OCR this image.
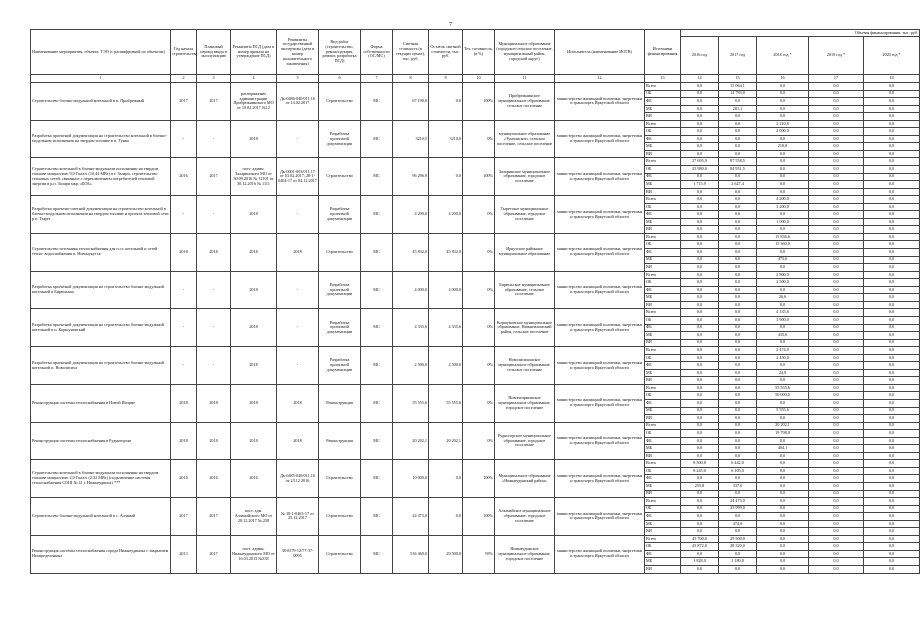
7
Наименование мероприятия, объекта, ТЭО (с расшифровкой по объектам)	Год начала строительства	Плановый период ввода в эксплуатацию	Реквизиты ПСД (дата и номер приказа на утверждение ПСД)	Реквизиты государственной экспертизы (дата и номер положительного заключения)	Вид работ (строительство, реконструкция, ремонт, разработка ПСД)	Форма собственности (ОС/МС)	Сметная стоимость (в текущих ценах), тыс. руб.	Остаток сметной стоимости, тыс. руб.	Тех. готовность, (в %)	Муниципальное образование (городское/сельское поселение, муниципальный район, городской округ)	Исполнитель (наименование ИОГВ)	Источники финансирования	Объемы финансирования, тыс. руб.				
													2016 год	2017 год	2018 год *	2019 год *	2020 год *
1	2	3	4	5	6	7	8	9	10	11	12	13	14	15	16	17	18
Строительство блочно-модульной котельной в п. Прибрежный	2017	2017	распоряжение администрации Прибрежнинского МО от 10.02.2017 №12	Дк-0486-040/011.16 от 14.02.2017	Строительство	МС	67 190,0	0,0	100%	Прибрежнинское муниципальное образование, сельское поселение	министерство жилищной политики, энергетики и транспорта Иркутской области	Всего	0,0	15 064,1	0,0	0,0	0,0
												ОБ	0,0	14 783,0	0,0	0,0	0,0
												ФБ	0,0	0,0	0,0	0,0	0,0
												МБ	0,0	281,1	0,0	0,0	0,0
												ВИ	0,0	0,0	0,0	0,0	0,0
Разработка проектной документации на строительство котельной в блочно-модульном исполнении на твердом топливе в п. Тунка	-	-	2018	-	Разработка проектной документации	МС	3210,5	3210,0	0%	муниципальное образование «Тунгинское» сельское поселение, сельское поселение	министерство жилищной политики, энергетики и транспорта Иркутской области	Всего	0,0	0,0	2 210,8	0,0	0,0
												ОБ	0,0	0,0	2 000,0	0,0	0,0
												ФБ	0,0	0,0	0,0	0,0	0,0
												МБ	0,0	0,0	210,8	0,0	0,0
												ВИ	0,0	0,0	0,0	0,0	0,0
Строительство котельной в блочно-модульном исполнении на твердом топливе мощностью 9,0 Гкал/ч (10,44 МВт) в г. Залари, строительство тепловых сетей, связанное с переключением потребителей тепловой энергии в р.п. Залари мкр. «БОБ»	2016	2017	пост. админ. Заларинского МО от 30.09.2016 № 31101 от 30.12.2016 № 1111	Дк-0001-003/011.17 от 03.02.2017; 28-1-0404-17 от 04.12.2017	Строительство	МС	96 296,9	0,0	100%	Заларинское муниципальное образование, городское поселение	министерство жилищной политики, энергетики и транспорта Иркутской области	Всего	27 695,9	87 558,5	0,0	0,0	0,0
												ОБ	25 980,0	84 951,5	0,0	0,0	0,0
												ФБ	0,0	0,0	0,0	0,0	0,0
												МБ	1 715,9	2 627,4	0,0	0,0	0,0
												ВИ	0,0	0,0	0,0	0,0	0,0
Разработка проектно-сметной документации на строительство котельной в блочно-модульном исполнении на твердом топливе и проекта тепловой сети р.п. Тырет	-	-	2018	-	Разработка проектной документации	МС	4 200,0	4 200,0	0%	Тыретское муниципальное образование, городское поселение	министерство жилищной политики, энергетики и транспорта Иркутской области	Всего	0,0	0,0	4 200,0	0,0	0,0
												ОБ	0,0	0,0	3 200,0	0,0	0,0
												ФБ	0,0	0,0	0,0	0,0	0,0
												МБ	0,0	0,0	1 000,0	0,0	0,0
												ВИ	0,0	0,0	0,0	0,0	0,0
Строительство источника теплоснабжения для п.ст. котельной и сетей тепло- водоснабжения п. Новонукутск	2018	2018	2018	2018	Строительство	МС	45 832,0	45 832,0	0%	Иркутское районное муниципальное образование	министерство жилищной политики, энергетики и транспорта Иркутской области	Всего	0,0	0,0	15 836,6	0,0	0,0
												ОБ	0,0	0,0	15 360,0	0,0	0,0
												ФБ	0,0	0,0	0,0	0,0	0,0
												МБ	0,0	0,0	475,6	0,0	0,0
												ВИ	0,0	0,0	0,0	0,0	0,0
Разработка проектной документации на строительство блочно-модульной котельной в Бирюльках	-	-	2018	-	Разработка проектной документации	МС	4 000,0	4 000,0	0%	Бирюльское муниципальное образование, сельское поселение	министерство жилищной политики, энергетики и транспорта Иркутской области	Всего	0,0	0,0	2 800,0	0,0	0,0
												ОБ	0,0	0,0	2 500,0	0,0	0,0
												ФБ	0,0	0,0	0,0	0,0	0,0
												МБ	0,0	0,0	26,6	0,0	0,0
												ВИ	0,0	0,0	0,0	0,0	0,0
Разработка проектной документации на строительство блочно-модульной котельной в п. Коршуновский	-	-	2018	-	Разработка проектной документации	МС	4 335,6	4 335,6	0%	Коршуновское муниципальное образование, Нижнеилимский район, сельское поселение	министерство жилищной политики, энергетики и транспорта Иркутской области	Всего	0,0	0,0	4 335,6	0,0	0,0
												ОБ	0,0	0,0	3 900,0	0,0	0,0
												ФБ	0,0	0,0	0,0	0,0	0,0
												МБ	0,0	0,0	435,6	0,0	0,0
												ВИ	0,0	0,0	0,0	0,0	0,0
Разработка проектной документации на строительство блочно-модульной котельной п. Новолисиха	-	-	2018	-	Разработка проектной документации	МС	2 500,0	2 500,0	0%	Новолисихинское муниципальное образование, сельское поселение	министерство жилищной политики, энергетики и транспорта Иркутской области	Всего	0,0	0,0	2 474,9	0,0	0,0
												ОБ	0,0	0,0	2 450,0	0,0	0,0
												ФБ	0,0	0,0	0,0	0,0	0,0
												МБ	0,0	0,0	24,9	0,0	0,0
												ВИ	0,0	0,0	0,0	0,0	0,0
Реконструкция системы теплоснабжения в Новой Игирме	2018	2018	2018	2018	Реконструкция	МС	55 555,6	55 555,6	0%	Новоигирминское муниципальное образование, городское поселение	министерство жилищной политики, энергетики и транспорта Иркутской области	Всего	0,0	0,0	55 555,6	0,0	0,0
												ОБ	0,0	0,0	50 000,0	0,0	0,0
												ФБ	0,0	0,0	0,0	0,0	0,0
												МБ	0,0	0,0	5 555,6	0,0	0,0
												ВИ	0,0	0,0	0,0	0,0	0,0
Реконструкция системы теплоснабжения в Рудногорске	2018	2018	2018	2018	Реконструкция	МС	20 202,1	20 202,1	0%	Рудногорское муниципальное образование, городское поселение	министерство жилищной политики, энергетики и транспорта Иркутской области	Всего	0,0	0,0	20 202,1	0,0	0,0
												ОБ	0,0	0,0	19 798,0	0,0	0,0
												ФБ	0,0	0,0	0,0	0,0	0,0
												МБ	0,0	0,0	404,1	0,0	0,0
												ВИ	0,0	0,0	0,0	0,0	0,0
Строительство котельной в блочно-модульном исполнении на твердом топливе мощностью 2,0 Гкал/ч (2,32 МВт) (подключение системы теплоснабжения СОШ № 41 г. Нижнеудинск) ***	2016	2016	2016	Дк-0485-040/011.16 от 23.12.2016	Строительство	МС	10 000,0	0,0	100%	Муниципальное образование «Нижнеудинский район»	министерство жилищной политики, энергетики и транспорта Иркутской области	Всего	8 500,8	6 442,0	0,0	0,0	0,0
												ОБ	8 245,0	6 105,0	0,0	0,0	0,0
												ФБ	0,0	0,0	0,0	0,0	0,0
												МБ	255,8	337,0	0,0	0,0	0,0
												ВИ	0,0	0,0	0,0	0,0	0,0
Строительство блочно-модульной котельной в с. Алзамай	2017	2017	пост. адм. Алзамайского МО от 28.12.2017 № 258	№ 38-1-0463-17 от 25.12.2017	Строительство	МС	24 473,0	0,0	100%	Алзамайское муниципальное образование, городское поселение	министерство жилищной политики, энергетики и транспорта Иркутской области	Всего	0,0	24 473,0	0,0	0,0	0,0
												ОБ	0,0	23 999,0	0,0	0,0	0,0
												ФБ	0,0	0,0	0,0	0,0	0,0
												МБ	0,0	474,0	0,0	0,0	0,0
												ВИ	0,0	0,0	0,0	0,0	0,0
Реконструкция системы теплоснабжения города Нижнеудинска с закрытием Неопределенных	2013	2017	пост. админ. Нижнеудинского МО от 16.03.2013 №338	38-0579-12/77-37-0095	Строительство	МС	536 460,0	29 500,0	95%	Нижнеудинское муниципальное образование, городское поселение	министерство жилищной политики, энергетики и транспорта Иркутской области	Всего	45 700,0	29 500,0	0,0	0,0	0,0
												ОБ	43 872,0	28 320,0	0,0	0,0	0,0
												ФБ	0,0	0,0	0,0	0,0	0,0
												МБ	1 828,0	1 180,0	0,0	0,0	0,0
												ВИ	0,0	0,0	0,0	0,0	0,0
